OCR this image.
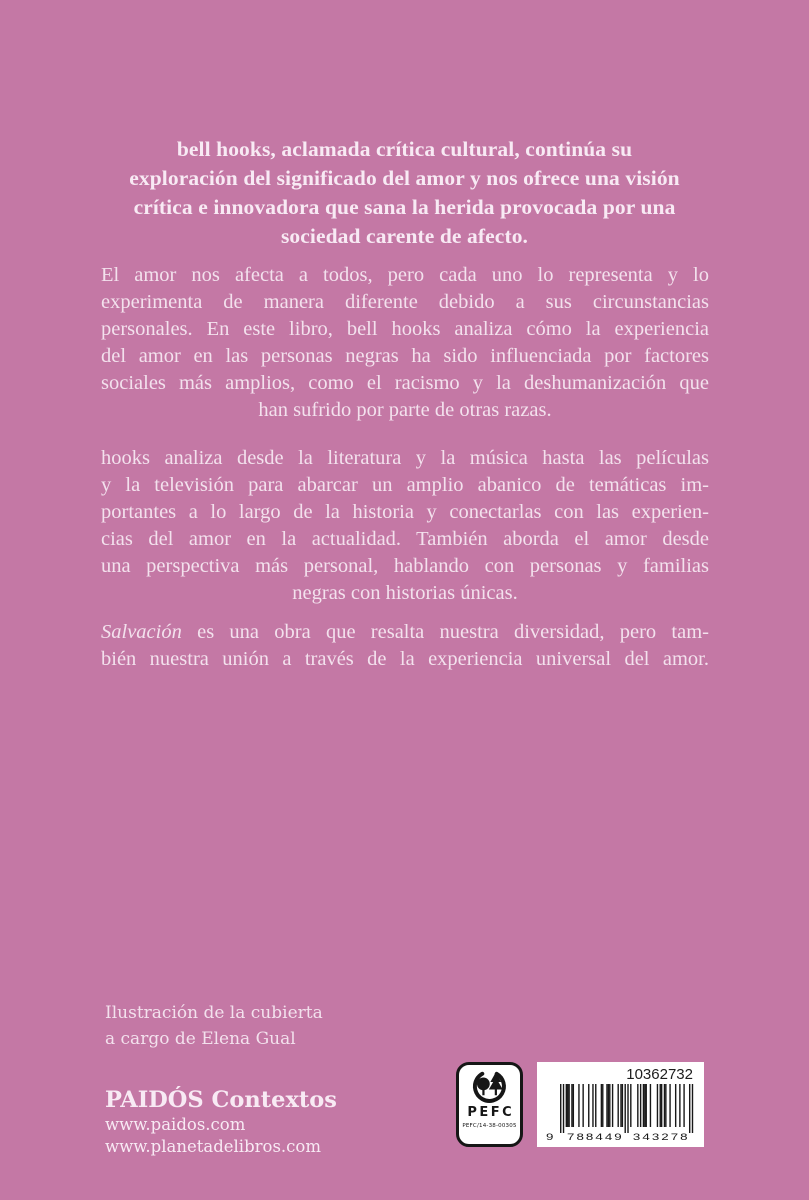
bell hooks, aclamada crítica cultural, continúa su
exploración del significado del amor y nos ofrece una visión
crítica e innovadora que sana la herida provocada por una
sociedad carente de afecto.
El amor nos afecta a todos, pero cada uno lo representa y lo
experimenta de manera diferente debido a sus circunstancias
personales. En este libro, bell hooks analiza cómo la experiencia
del amor en las personas negras ha sido influenciada por factores
sociales más amplios, como el racismo y la deshumanización que
han sufrido por parte de otras razas.
hooks analiza desde la literatura y la música hasta las películas
y la televisión para abarcar un amplio abanico de temáticas im-
portantes a lo largo de la historia y conectarlas con las experien-
cias del amor en la actualidad. También aborda el amor desde
una perspectiva más personal, hablando con personas y familias
negras con historias únicas.
Salvación es una obra que resalta nuestra diversidad, pero tam-
bién nuestra unión a través de la experiencia universal del amor.
Ilustración de la cubierta
a cargo de Elena Gual
PAIDÓS Contextos
www.paidos.com
www.planetadelibros.com
PEFC
PEFC/14-38-00305
10362732
9 788449 343278
